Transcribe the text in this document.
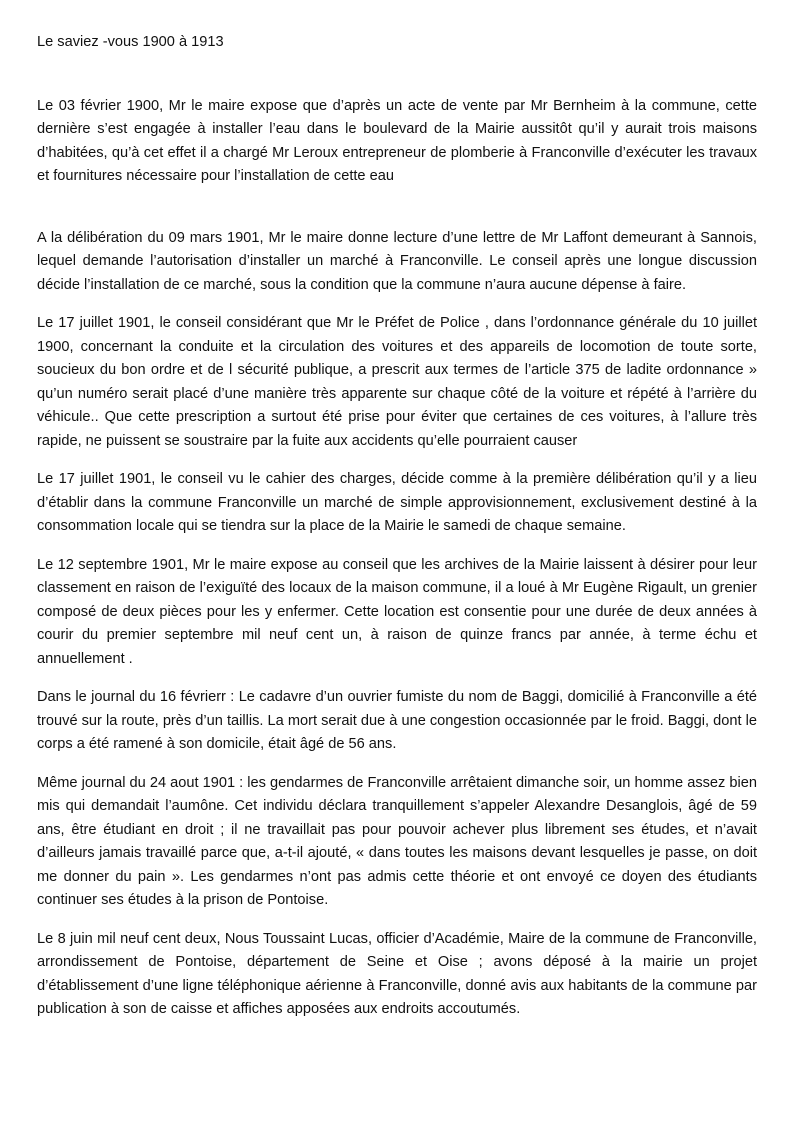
Le saviez -vous 1900 à 1913

Le 03 février 1900, Mr le maire expose que d’après un acte de vente par Mr Bernheim à la commune, cette dernière s’est engagée à installer l’eau dans le boulevard de la Mairie aussitôt qu’il y aurait trois maisons d’habitées, qu’à cet effet il a chargé Mr Leroux entrepreneur de plomberie à Franconville d’exécuter les travaux et fournitures nécessaire pour l’installation de cette eau

A la délibération du 09 mars 1901, Mr le maire donne lecture d’une lettre de Mr Laffont demeurant à Sannois, lequel demande l’autorisation d’installer un marché à Franconville. Le conseil après une longue discussion décide l’installation de ce marché, sous la condition que la commune n’aura aucune dépense à faire.

Le 17 juillet 1901, le conseil considérant que Mr le Préfet de Police , dans l’ordonnance générale du 10 juillet 1900, concernant la conduite et la circulation des voitures et des appareils de locomotion de toute sorte, soucieux du bon ordre et de l sécurité publique, a prescrit aux termes de l’article 375 de ladite ordonnance » qu’un numéro serait placé d’une manière très apparente sur chaque côté de la voiture et répété à l’arrière du véhicule.. Que cette prescription a surtout été prise pour éviter que certaines de ces voitures, à l’allure très rapide, ne puissent se soustraire par la fuite aux accidents qu’elle pourraient causer

Le 17 juillet 1901, le conseil vu le cahier des charges, décide comme à la première délibération qu’il y a lieu d’établir dans la commune Franconville un marché de simple approvisionnement, exclusivement destiné à la consommation locale qui se tiendra sur la place de la Mairie le samedi de chaque semaine.

Le 12 septembre 1901, Mr le maire expose au conseil que les archives de la Mairie laissent à désirer pour leur classement en raison de l’exiguïté des locaux de la maison commune, il a loué à Mr Eugène Rigault, un grenier composé de deux pièces pour les y enfermer. Cette location est consentie pour une durée de deux années à courir du premier septembre mil neuf cent un, à raison de quinze francs par année, à terme échu et annuellement .

Dans le journal du 16 févrierr : Le cadavre d’un ouvrier fumiste du nom de Baggi, domicilié à Franconville a été trouvé sur la route, près d’un taillis. La mort serait due à une congestion occasionnée par le froid. Baggi, dont le corps a été ramené à son domicile, était âgé de 56 ans.

Même journal du 24 aout 1901 : les gendarmes de Franconville arrêtaient dimanche soir, un homme assez bien mis qui demandait l’aumône. Cet individu déclara tranquillement s’appeler Alexandre Desanglois, âgé de 59 ans, être étudiant en droit ; il ne travaillait pas pour pouvoir achever plus librement ses études, et n’avait d’ailleurs jamais travaillé parce que, a-t-il ajouté, « dans toutes les maisons devant lesquelles je passe, on doit me donner du pain ». Les gendarmes n’ont pas admis cette théorie et ont envoyé ce doyen des étudiants continuer ses études à la prison de Pontoise.

Le 8 juin mil neuf cent deux, Nous Toussaint Lucas, officier d’Académie, Maire de la commune de Franconville, arrondissement de Pontoise, département de Seine et Oise ; avons déposé à la mairie un projet d’établissement d’une ligne téléphonique aérienne à Franconville, donné avis aux habitants de la commune par publication à son de caisse et affiches apposées aux endroits accoutumés.
